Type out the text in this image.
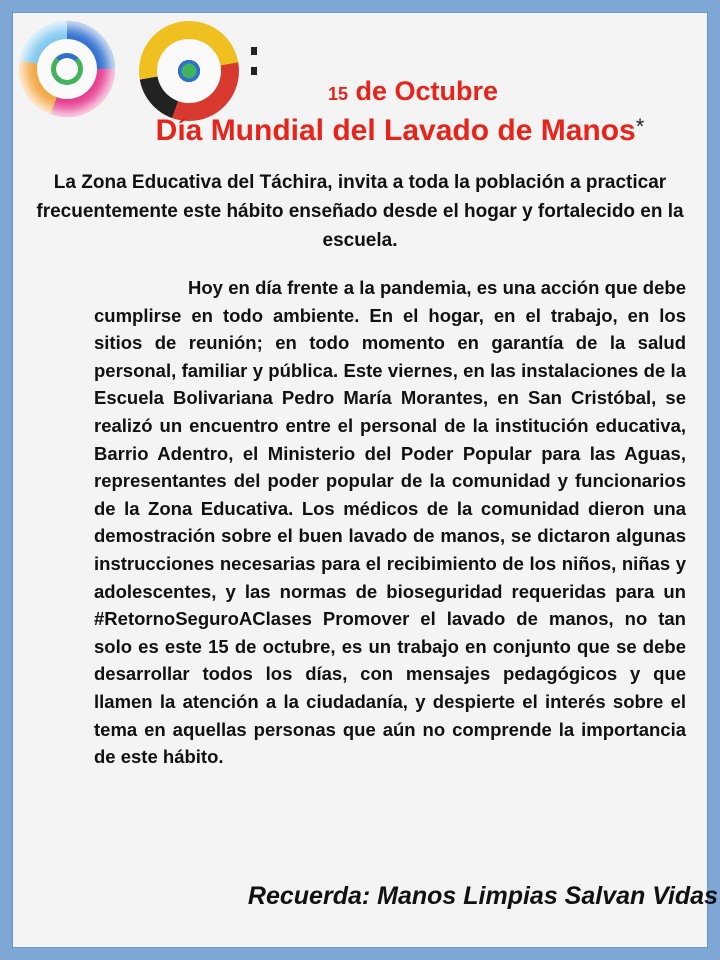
15 de Octubre
Día Mundial del Lavado de Manos*
La Zona Educativa del Táchira, invita a toda la población a practicar frecuentemente este hábito enseñado desde el hogar y fortalecido en la escuela.
Hoy en día frente a la pandemia, es una acción que debe cumplirse en todo ambiente. En el hogar, en el trabajo, en los sitios de reunión; en todo momento en garantía de la salud personal, familiar y pública. Este viernes, en las instalaciones de la Escuela Bolivariana Pedro María Morantes, en San Cristóbal, se realizó un encuentro entre el personal de la institución educativa, Barrio Adentro, el Ministerio del Poder Popular para las Aguas, representantes del poder popular de la comunidad y funcionarios de la Zona Educativa. Los médicos de la comunidad dieron una demostración sobre el buen lavado de manos, se dictaron algunas instrucciones necesarias para el recibimiento de los niños, niñas y adolescentes, y las normas de bioseguridad requeridas para un #RetornoSeguroAClases Promover el lavado de manos, no tan solo es este 15 de octubre, es un trabajo en conjunto que se debe desarrollar todos los días, con mensajes pedagógicos y que llamen la atención a la ciudadanía, y despierte el interés sobre el tema en aquellas personas que aún no comprende la importancia de este hábito.
Recuerda: Manos Limpias Salvan Vidas
